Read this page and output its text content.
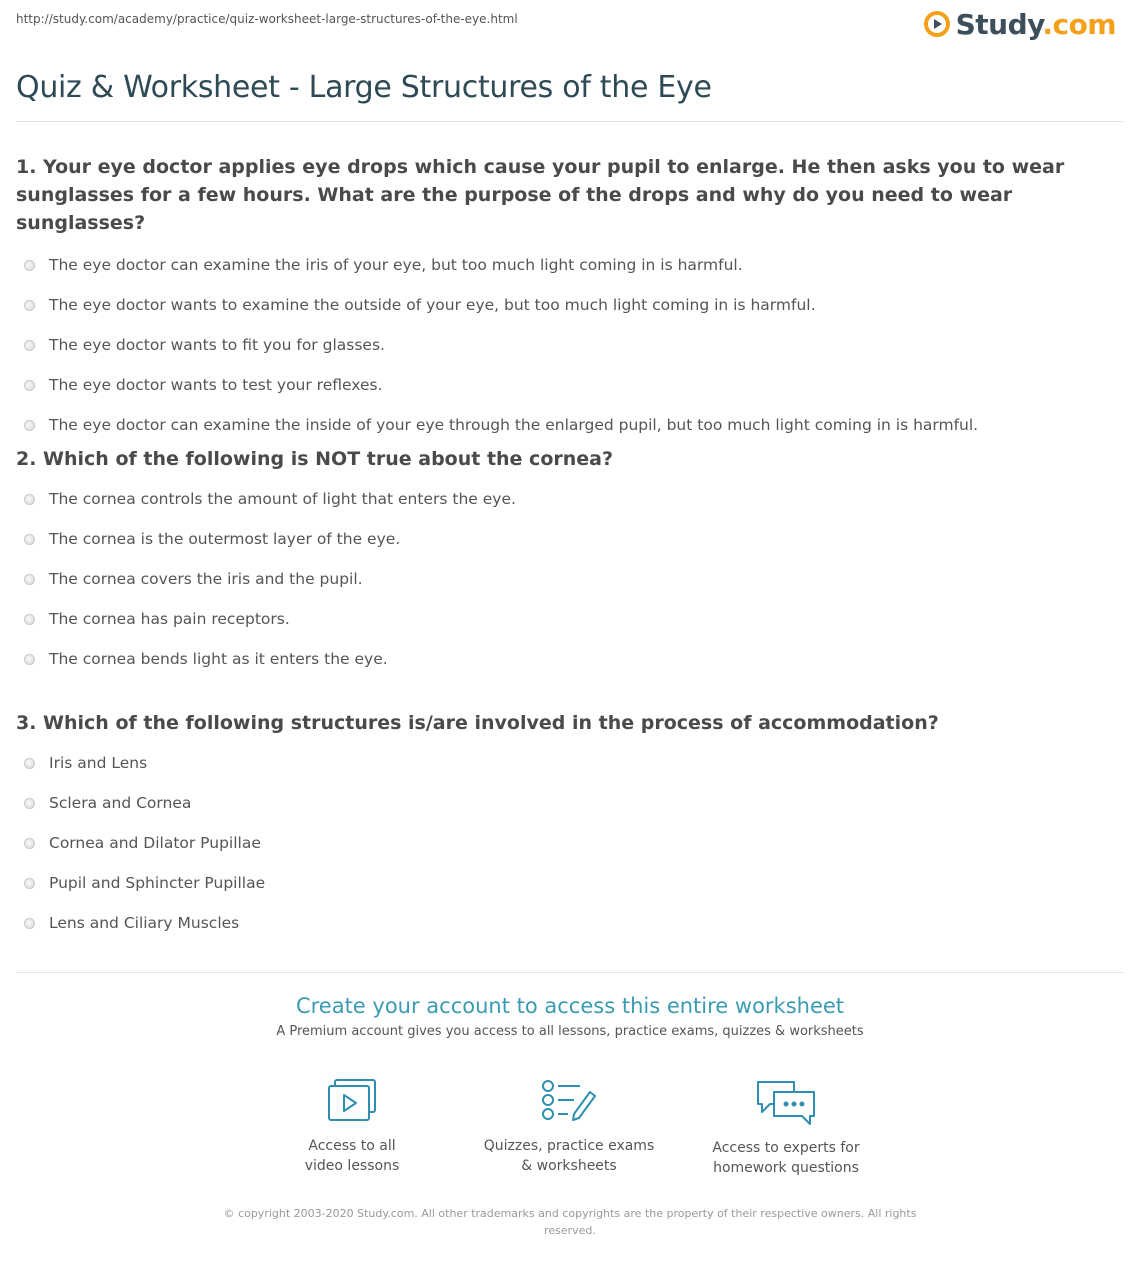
http://study.com/academy/practice/quiz-worksheet-large-structures-of-the-eye.html	Study.com
Quiz & Worksheet - Large Structures of the Eye
1. Your eye doctor applies eye drops which cause your pupil to enlarge. He then asks you to wear sunglasses for a few hours. What are the purpose of the drops and why do you need to wear sunglasses?
The eye doctor can examine the iris of your eye, but too much light coming in is harmful.
The eye doctor wants to examine the outside of your eye, but too much light coming in is harmful.
The eye doctor wants to fit you for glasses.
The eye doctor wants to test your reflexes.
The eye doctor can examine the inside of your eye through the enlarged pupil, but too much light coming in is harmful.
2. Which of the following is NOT true about the cornea?
The cornea controls the amount of light that enters the eye.
The cornea is the outermost layer of the eye.
The cornea covers the iris and the pupil.
The cornea has pain receptors.
The cornea bends light as it enters the eye.
3. Which of the following structures is/are involved in the process of accommodation?
Iris and Lens
Sclera and Cornea
Cornea and Dilator Pupillae
Pupil and Sphincter Pupillae
Lens and Ciliary Muscles
Create your account to access this entire worksheet
A Premium account gives you access to all lessons, practice exams, quizzes & worksheets
Access to all
video lessons
Quizzes, practice exams
& worksheets
Access to experts for
homework questions
© copyright 2003-2020 Study.com. All other trademarks and copyrights are the property of their respective owners. All rights reserved.
